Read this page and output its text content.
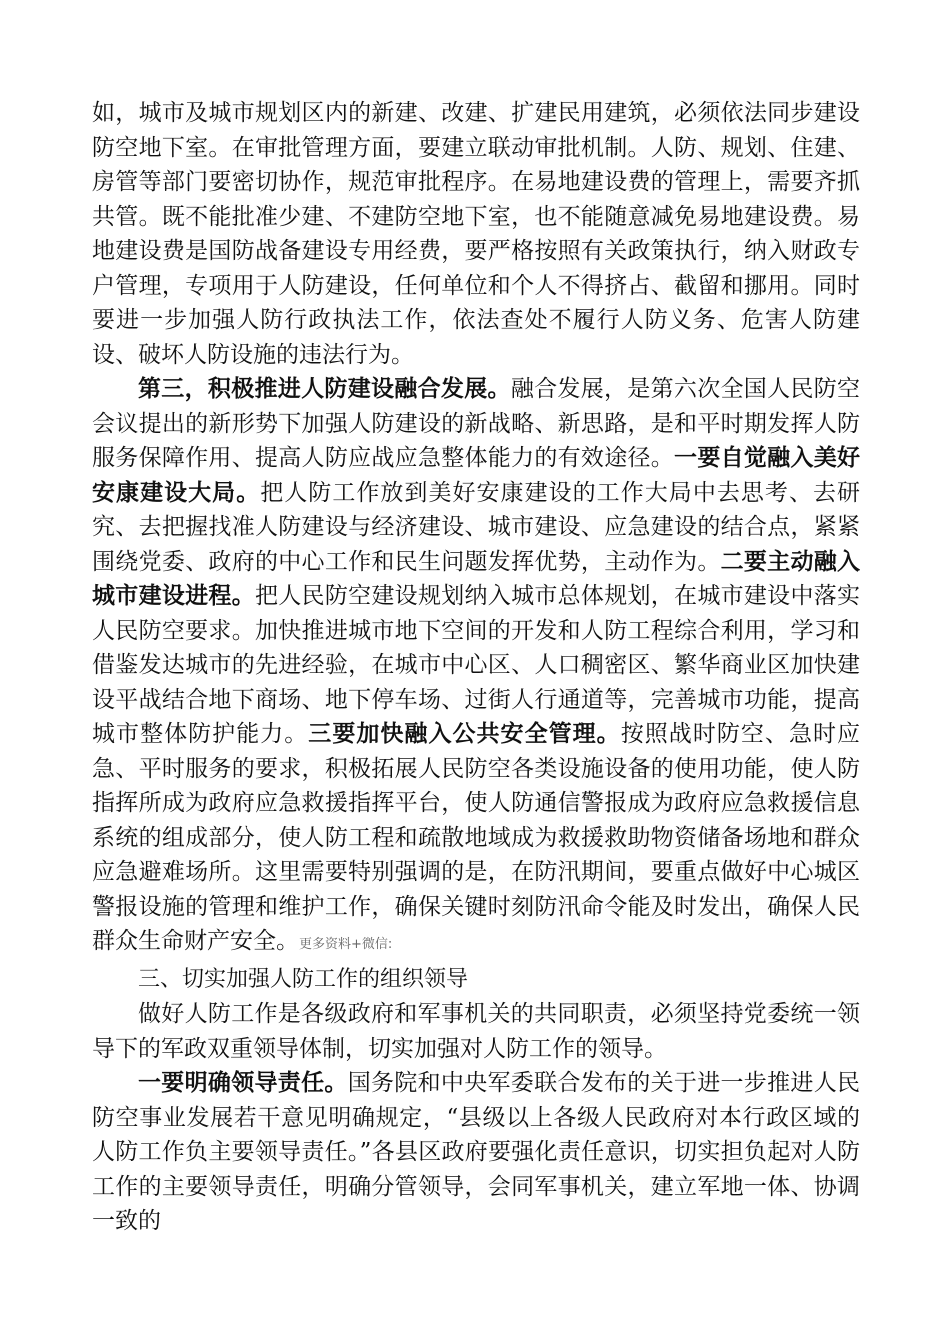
如，城市及城市规划区内的新建、改建、扩建民用建筑，必须依法同步建设防空地下室。在审批管理方面，要建立联动审批机制。人防、规划、住建、房管等部门要密切协作，规范审批程序。在易地建设费的管理上，需要齐抓共管。既不能批准少建、不建防空地下室，也不能随意减免易地建设费。易地建设费是国防战备建设专用经费，要严格按照有关政策执行，纳入财政专户管理，专项用于人防建设，任何单位和个人不得挤占、截留和挪用。同时要进一步加强人防行政执法工作，依法查处不履行人防义务、危害人防建设、破坏人防设施的违法行为。

第三，积极推进人防建设融合发展。融合发展，是第六次全国人民防空会议提出的新形势下加强人防建设的新战略、新思路，是和平时期发挥人防服务保障作用、提高人防应战应急整体能力的有效途径。一要自觉融入美好安康建设大局。把人防工作放到美好安康建设的工作大局中去思考、去研究、去把握找准人防建设与经济建设、城市建设、应急建设的结合点，紧紧围绕党委、政府的中心工作和民生问题发挥优势，主动作为。二要主动融入城市建设进程。把人民防空建设规划纳入城市总体规划，在城市建设中落实人民防空要求。加快推进城市地下空间的开发和人防工程综合利用，学习和借鉴发达城市的先进经验，在城市中心区、人口稠密区、繁华商业区加快建设平战结合地下商场、地下停车场、过街人行通道等，完善城市功能，提高城市整体防护能力。三要加快融入公共安全管理。按照战时防空、急时应急、平时服务的要求，积极拓展人民防空各类设施设备的使用功能，使人防指挥所成为政府应急救援指挥平台，使人防通信警报成为政府应急救援信息系统的组成部分，使人防工程和疏散地域成为救援救助物资储备场地和群众应急避难场所。这里需要特别强调的是，在防汛期间，要重点做好中心城区警报设施的管理和维护工作，确保关键时刻防汛命令能及时发出，确保人民群众生命财产安全。更多资料+微信:

三、切实加强人防工作的组织领导

做好人防工作是各级政府和军事机关的共同职责，必须坚持党委统一领导下的军政双重领导体制，切实加强对人防工作的领导。

一要明确领导责任。国务院和中央军委联合发布的关于进一步推进人民防空事业发展若干意见明确规定，“县级以上各级人民政府对本行政区域的人防工作负主要领导责任。”各县区政府要强化责任意识，切实担负起对人防工作的主要领导责任，明确分管领导，会同军事机关，建立军地一体、协调一致的
